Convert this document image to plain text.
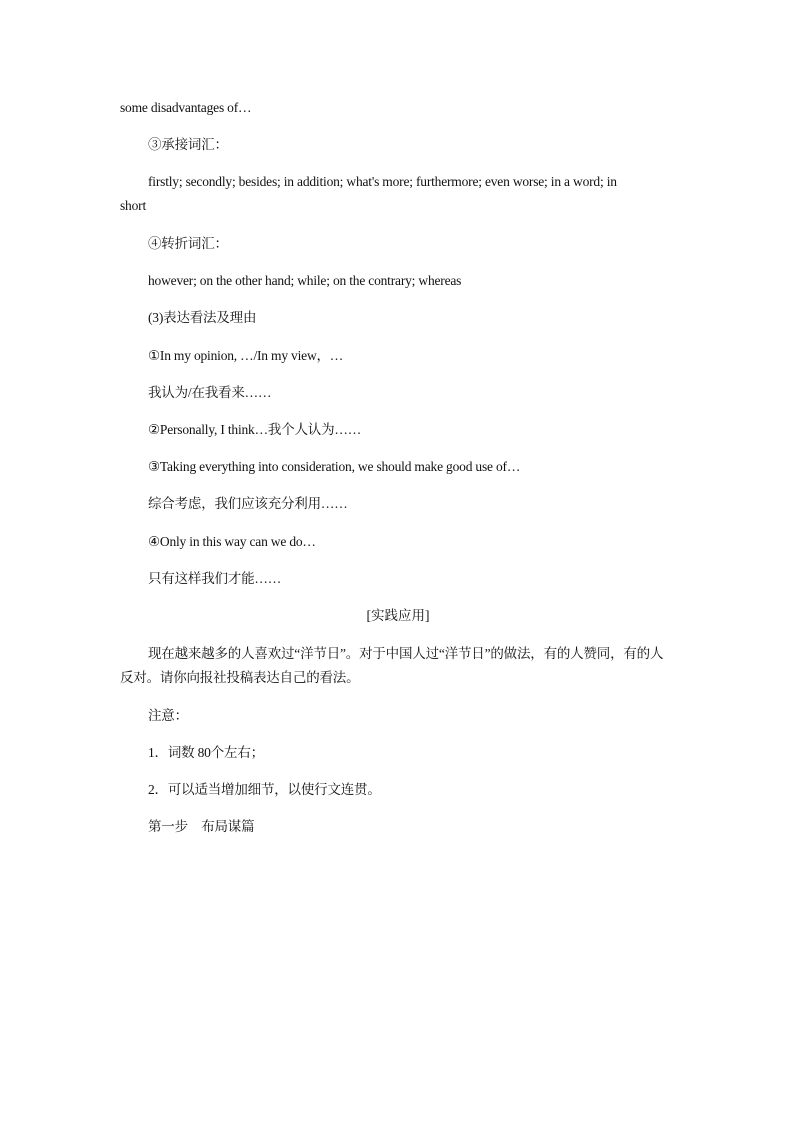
some disadvantages of…
③承接词汇：
firstly; secondly; besides; in addition; what's more; furthermore; even worse; in a word; in
short
④转折词汇：
however; on the other hand; while; on the contrary; whereas
(3)表达看法及理由
①In my opinion, …/In my view，…
我认为/在我看来……
②Personally, I think…我个人认为……
③Taking everything into consideration, we should make good use of…
综合考虑，我们应该充分利用……
④Only in this way can we do…
只有这样我们才能……
[实践应用]
现在越来越多的人喜欢过“洋节日”。对于中国人过“洋节日”的做法，有的人赞同，有的人反对。请你向报社投稿表达自己的看法。
注意：
1．词数 80个左右；
2．可以适当增加细节，以使行文连贯。
第一步　布局谋篇
